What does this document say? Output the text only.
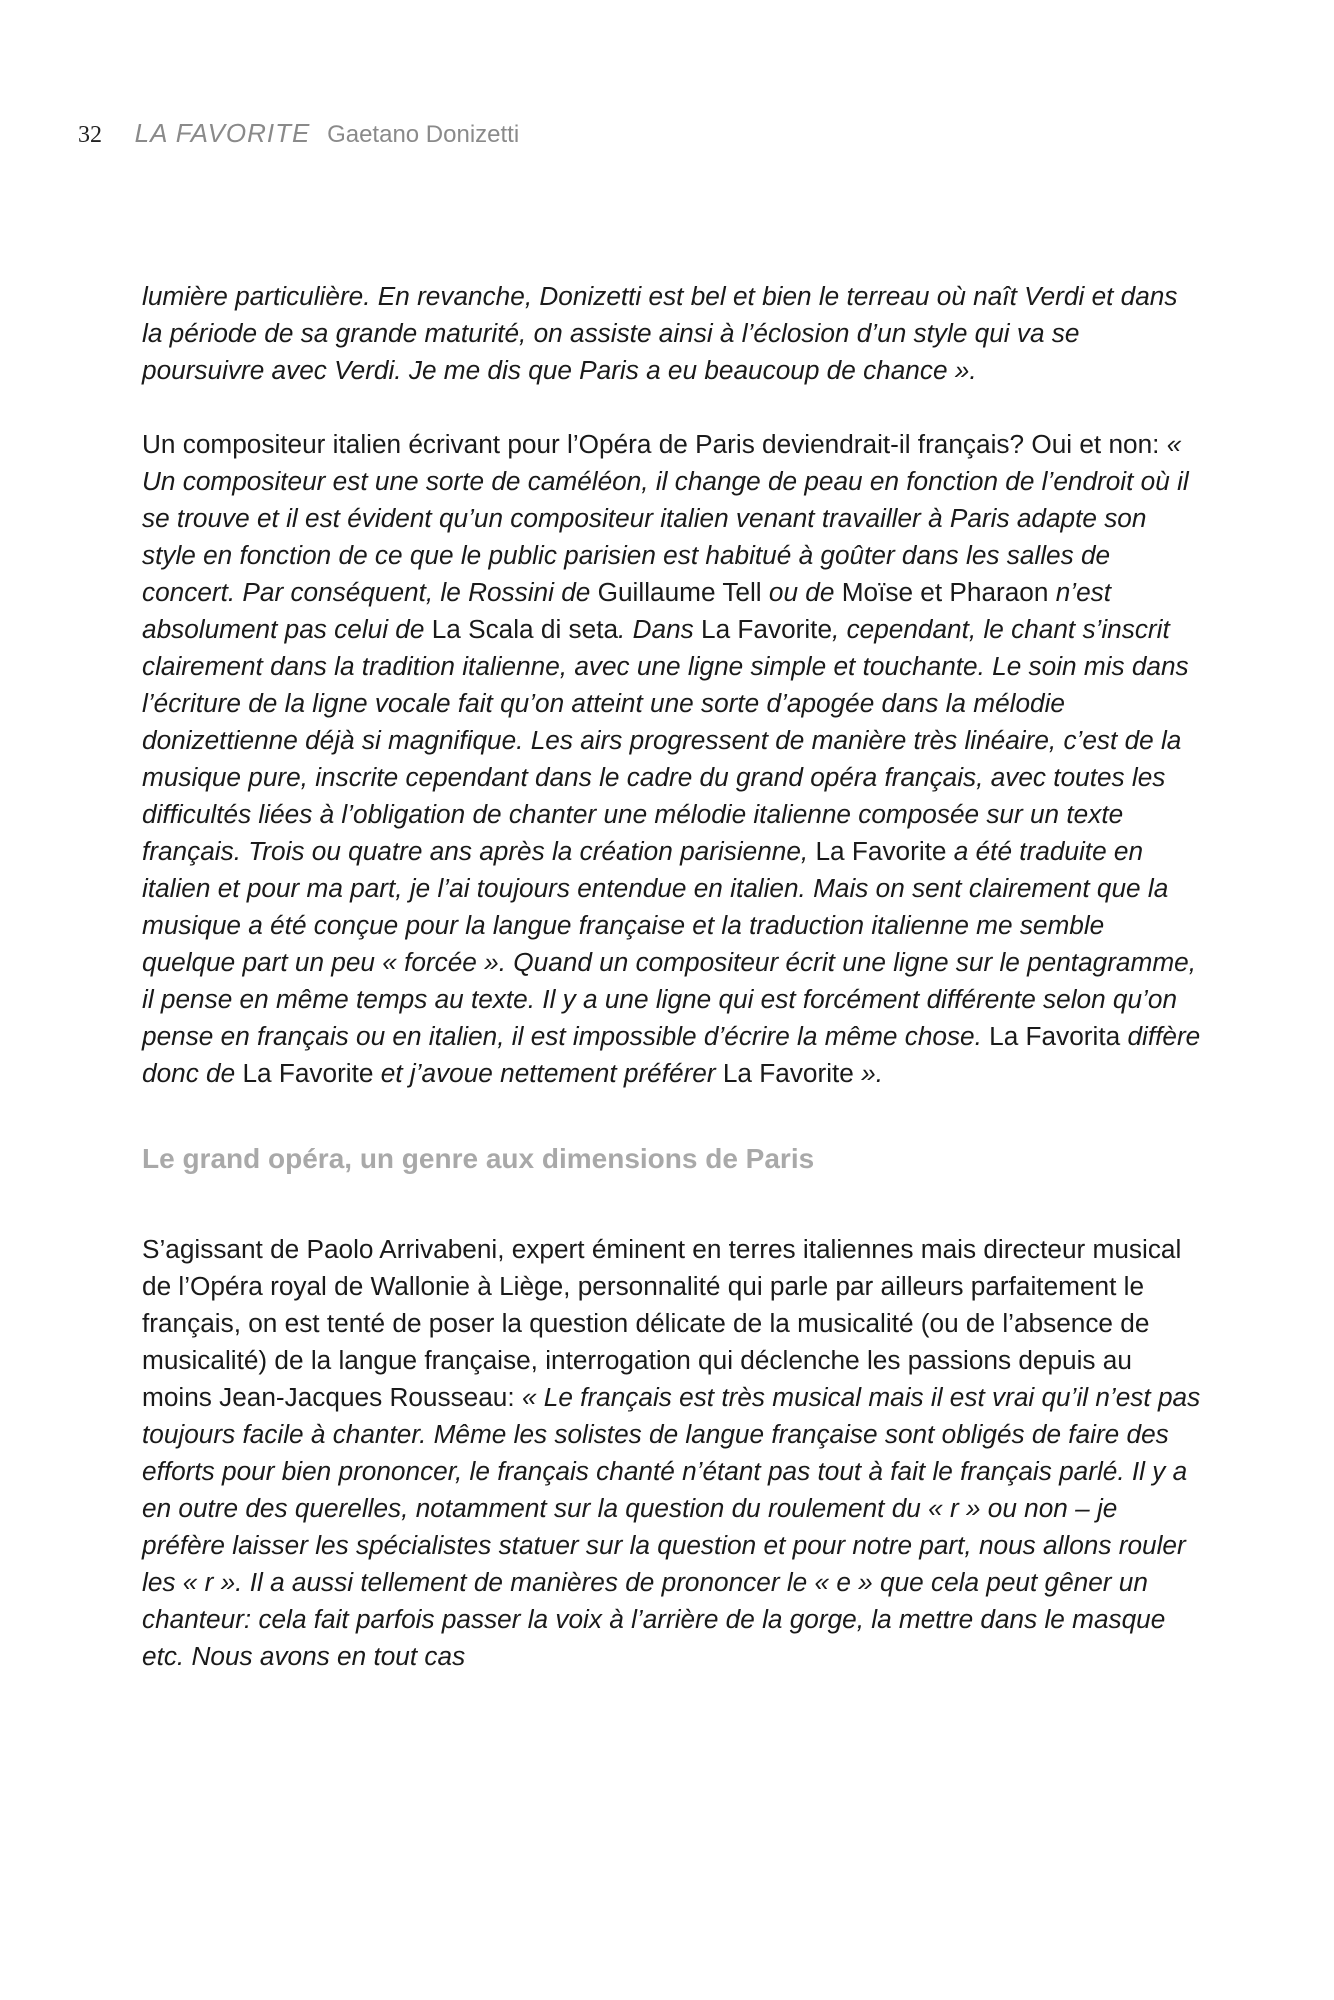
32 LA FAVORITE Gaetano Donizetti

lumière particulière. En revanche, Donizetti est bel et bien le terreau où naît Verdi et dans la période de sa grande maturité, on assiste ainsi à l’éclosion d’un style qui va se poursuivre avec Verdi. Je me dis que Paris a eu beaucoup de chance ».

Un compositeur italien écrivant pour l’Opéra de Paris deviendrait-il français? Oui et non: « Un compositeur est une sorte de caméléon, il change de peau en fonction de l’endroit où il se trouve et il est évident qu’un compositeur italien venant travailler à Paris adapte son style en fonction de ce que le public parisien est habitué à goûter dans les salles de concert. Par conséquent, le Rossini de Guillaume Tell ou de Moïse et Pharaon n’est absolument pas celui de La Scala di seta. Dans La Favorite, cependant, le chant s’inscrit clairement dans la tradition italienne, avec une ligne simple et touchante. Le soin mis dans l’écriture de la ligne vocale fait qu’on atteint une sorte d’apogée dans la mélodie donizettienne déjà si magnifique. Les airs progressent de manière très linéaire, c’est de la musique pure, inscrite cependant dans le cadre du grand opéra français, avec toutes les difficultés liées à l’obligation de chanter une mélodie italienne composée sur un texte français. Trois ou quatre ans après la création parisienne, La Favorite a été traduite en italien et pour ma part, je l’ai toujours entendue en italien. Mais on sent clairement que la musique a été conçue pour la langue française et la traduction italienne me semble quelque part un peu « forcée ». Quand un compositeur écrit une ligne sur le pentagramme, il pense en même temps au texte. Il y a une ligne qui est forcément différente selon qu’on pense en français ou en italien, il est impossible d’écrire la même chose. La Favorita diffère donc de La Favorite et j’avoue nettement préférer La Favorite ».

Le grand opéra, un genre aux dimensions de Paris

S’agissant de Paolo Arrivabeni, expert éminent en terres italiennes mais directeur musical de l’Opéra royal de Wallonie à Liège, personnalité qui parle par ailleurs parfaitement le français, on est tenté de poser la question délicate de la musicalité (ou de l’absence de musicalité) de la langue française, interrogation qui déclenche les passions depuis au moins Jean-Jacques Rousseau: « Le français est très musical mais il est vrai qu’il n’est pas toujours facile à chanter. Même les solistes de langue française sont obligés de faire des efforts pour bien prononcer, le français chanté n’étant pas tout à fait le français parlé. Il y a en outre des querelles, notamment sur la question du roulement du « r » ou non – je préfère laisser les spécialistes statuer sur la question et pour notre part, nous allons rouler les « r ». Il a aussi tellement de manières de prononcer le « e » que cela peut gêner un chanteur: cela fait parfois passer la voix à l’arrière de la gorge, la mettre dans le masque etc. Nous avons en tout cas
